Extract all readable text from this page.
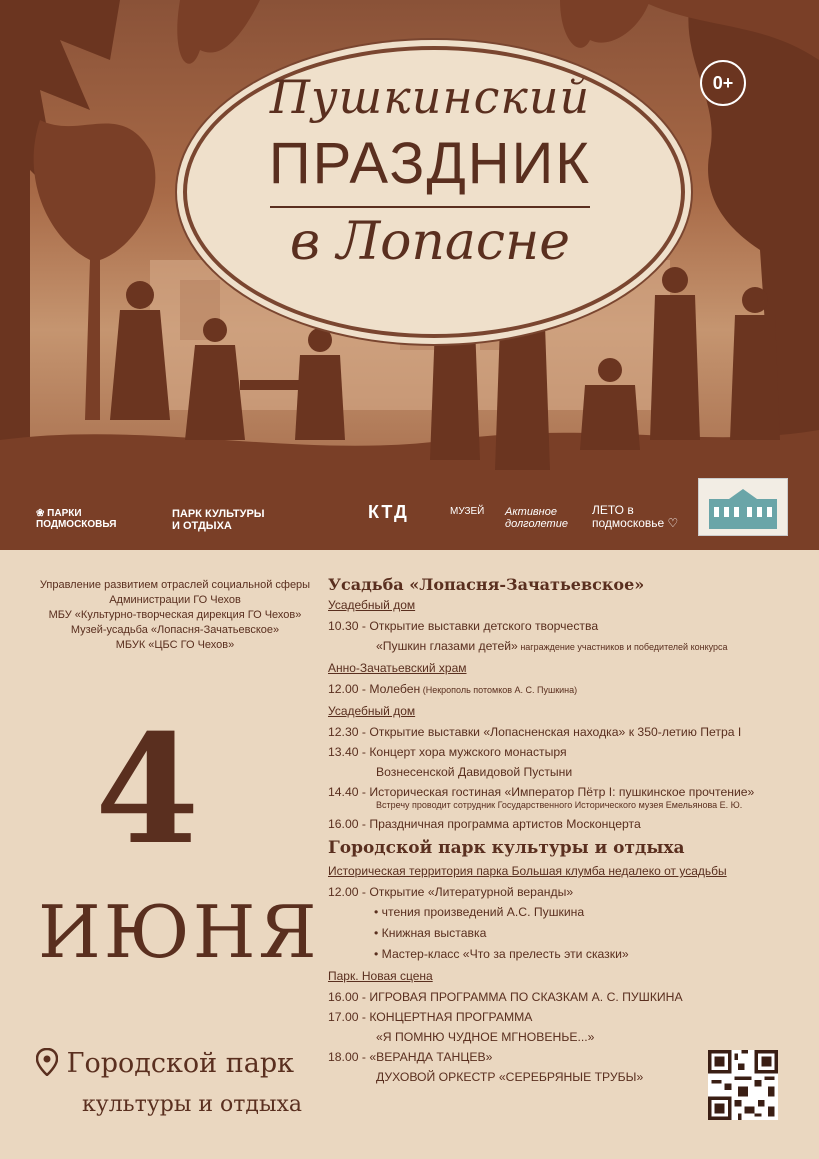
Пушкинский
ПРАЗДНИК
в Лопасне
0+
❀ ПАРКИ ПОДМОСКОВЬЯ
ПАРК КУЛЬТУРЫ И ОТДЫХА
КТД	МУЗЕЙ Активное долголетие
ЛЕТО в подмосковье ♡
Управление развитием отраслей социальной сферы
Администрации ГО Чехов
МБУ «Культурно-творческая дирекция ГО Чехов»
Музей-усадьба «Лопасня-Зачатьевское»
МБУК «ЦБС ГО Чехов»
4
ИЮНЯ
Городской парк
культуры и отдыха
Усадьба «Лопасня-Зачатьевское»
Усадебный дом
10.30 - Открытие выставки детского творчества
«Пушкин глазами детей» награждение участников и победителей конкурса
Анно-Зачатьевский храм
12.00 - Молебен (Некрополь потомков А. С. Пушкина)
Усадебный дом
12.30 - Открытие выставки «Лопасненская находка» к 350-летию Петра I
13.40 - Концерт хора мужского монастыря
Вознесенской Давидовой Пустыни
14.40 - Историческая гостиная «Император Пётр I: пушкинское прочтение»
Встречу проводит сотрудник Государственного Исторического музея Емельянова Е. Ю.
16.00 - Праздничная программа артистов Москонцерта
Городской парк культуры и отдыха
Историческая территория парка Большая клумба недалеко от усадьбы
12.00 - Открытие «Литературной веранды»
• чтения произведений А.С. Пушкина
• Книжная выставка
• Мастер-класс «Что за прелесть эти сказки»
Парк. Новая сцена
16.00 - ИГРОВАЯ ПРОГРАММА ПО СКАЗКАМ А. С. ПУШКИНА
17.00 - КОНЦЕРТНАЯ ПРОГРАММА
«Я ПОМНЮ ЧУДНОЕ МГНОВЕНЬЕ...»
18.00 - «ВЕРАНДА ТАНЦЕВ»
ДУХОВОЙ ОРКЕСТР «СЕРЕБРЯНЫЕ ТРУБЫ»
